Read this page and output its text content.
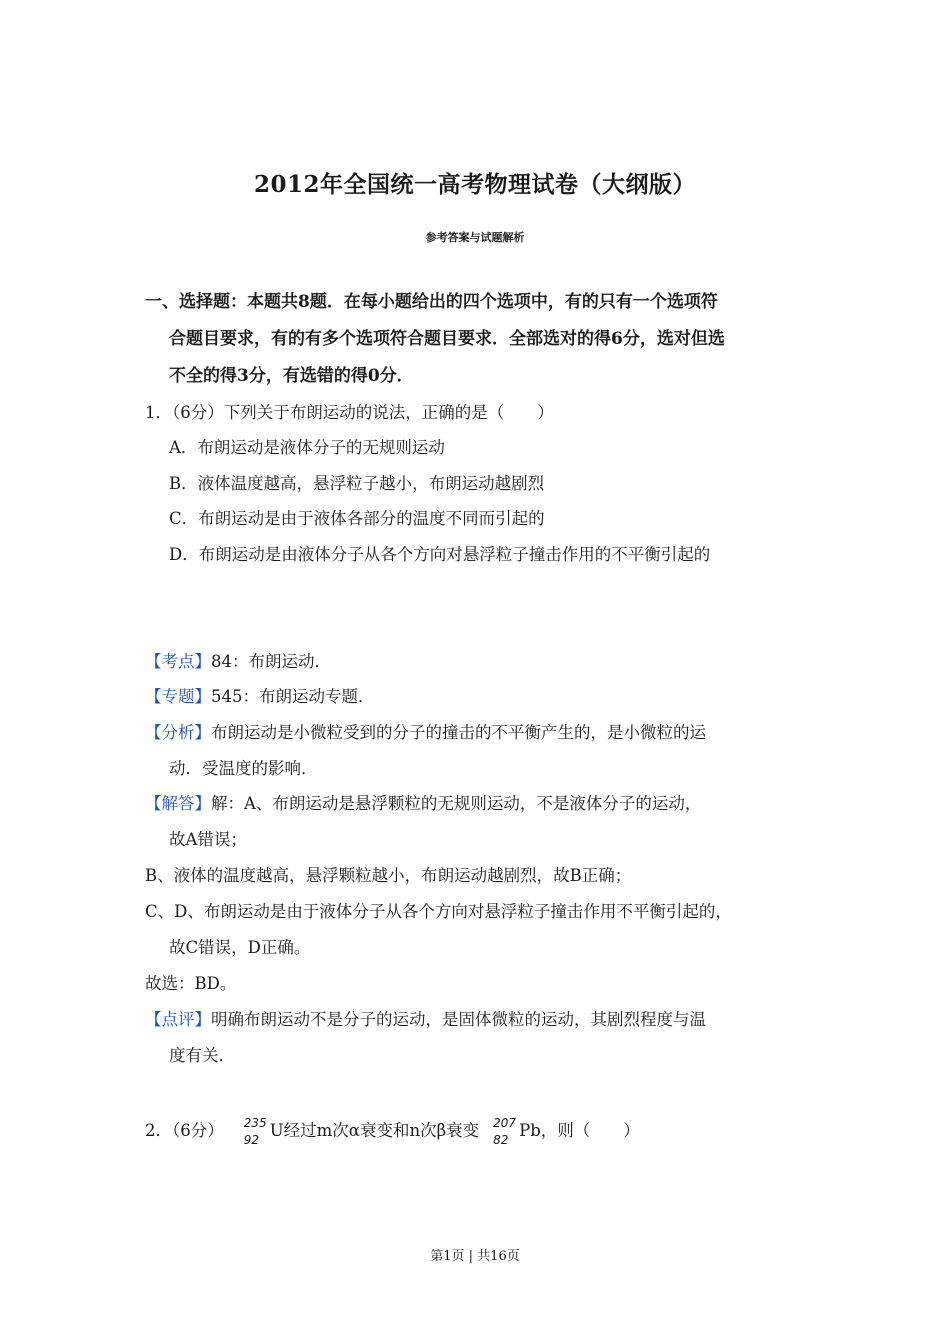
2012年全国统一高考物理试卷（大纲版）
参考答案与试题解析
一、选择题：本题共8题．在每小题给出的四个选项中，有的只有一个选项符
合题目要求，有的有多个选项符合题目要求．全部选对的得6分，选对但选
不全的得3分，有选错的得0分．
1．（6分）下列关于布朗运动的说法，正确的是（　　）
A．布朗运动是液体分子的无规则运动
B．液体温度越高，悬浮粒子越小，布朗运动越剧烈
C．布朗运动是由于液体各部分的温度不同而引起的
D．布朗运动是由液体分子从各个方向对悬浮粒子撞击作用的不平衡引起的
【考点】84：布朗运动．
【专题】545：布朗运动专题．
【分析】布朗运动是小微粒受到的分子的撞击的不平衡产生的，是小微粒的运
动．受温度的影响．
【解答】解：A、布朗运动是悬浮颗粒的无规则运动，不是液体分子的运动，
故A错误；
B、液体的温度越高，悬浮颗粒越小，布朗运动越剧烈，故B正确；
C、D、布朗运动是由于液体分子从各个方向对悬浮粒子撞击作用不平衡引起的，
故C错误，D正确。
故选：BD。
【点评】明确布朗运动不是分子的运动，是固体微粒的运动，其剧烈程度与温
度有关．
2．（6分） 235
92 U经过m次α衰变和n次β衰变 207
82 Pb，则（　　）
第1页 | 共16页
